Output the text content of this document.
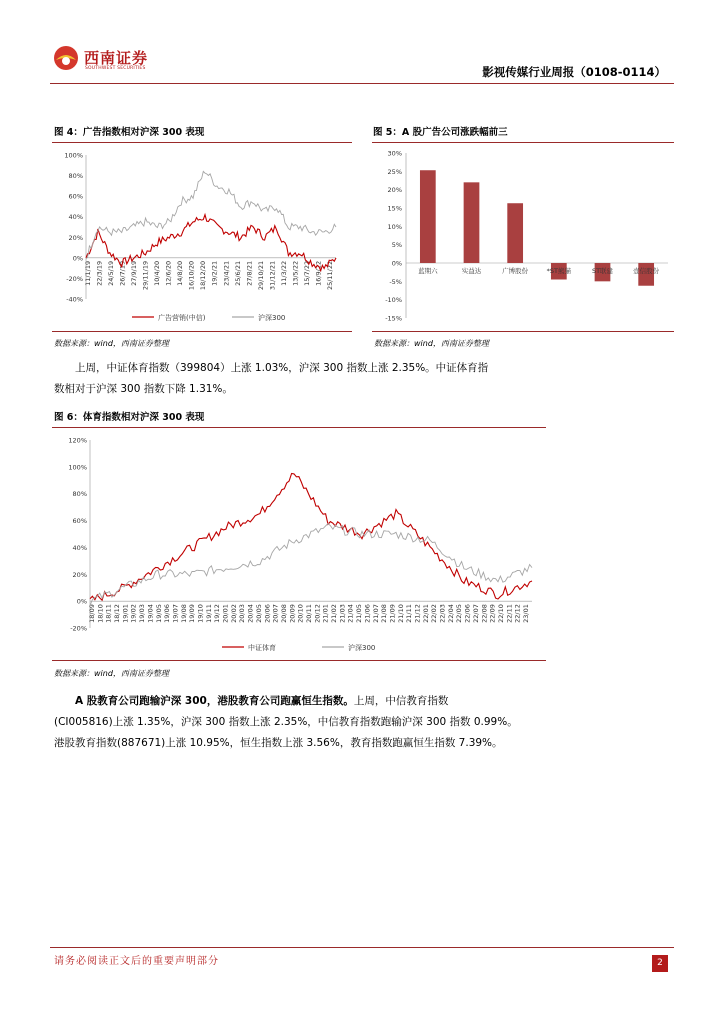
西南证券
SOUTHWEST SECURITIES	影视传媒行业周报（0108-0114）
图 4：广告指数相对沪深 300 表现
100%
80%
60%
40%
20%
0%
-20%
-40%
11/1/19 22/3/19 24/5/19 26/7/19 27/9/19 29/11/19 10/4/20 12/6/20 14/8/20 16/10/20 18/12/20 19/2/21 23/4/21 25/6/21 27/8/21 29/10/21 31/12/21 11/3/22 13/5/22 15/7/22 16/9/22 25/11/22
广告营销(中信)	沪深300
数据来源：wind，西南证券整理
图 5：A 股广告公司涨跌幅前三
30%
25%
20%
15%
10%
5%
0%
-5%
-10%
-15%
蓝期六	实益达	广博股份	*ST熊猫	ST联建	壹信股份
数据来源：wind，西南证券整理
上周，中证体育指数（399804）上涨 1.03%，沪深 300 指数上涨 2.35%。中证体育指
数相对于沪深 300 指数下降 1.31%。
图 6：体育指数相对沪深 300 表现
120%
100%
80%
60%
40%
20%
0%
-20%
18/09 18/10 18/11 18/12 19/01 19/02 19/03 19/04 19/05 19/06 19/07 19/08 19/09 19/10 19/11 19/12 20/01 20/02 20/03 20/04 20/05 20/06 20/07 20/08 20/09 20/10 20/11 20/12 21/01 21/02 21/03 21/04 21/05 21/06 21/07 21/08 21/09 21/10 21/11 21/12 22/01 22/02 22/03 22/04 22/05 22/06 22/07 22/08 22/09 22/10 22/11 22/12 23/01
中证体育	沪深300
数据来源：wind，西南证券整理
A 股教育公司跑输沪深 300，港股教育公司跑赢恒生指数。上周，中信教育指数
(CI005816)上涨 1.35%，沪深 300 指数上涨 2.35%，中信教育指数跑输沪深 300 指数 0.99%。
港股教育指数(887671)上涨 10.95%，恒生指数上涨 3.56%，教育指数跑赢恒生指数 7.39%。
请务必阅读正文后的重要声明部分	2
